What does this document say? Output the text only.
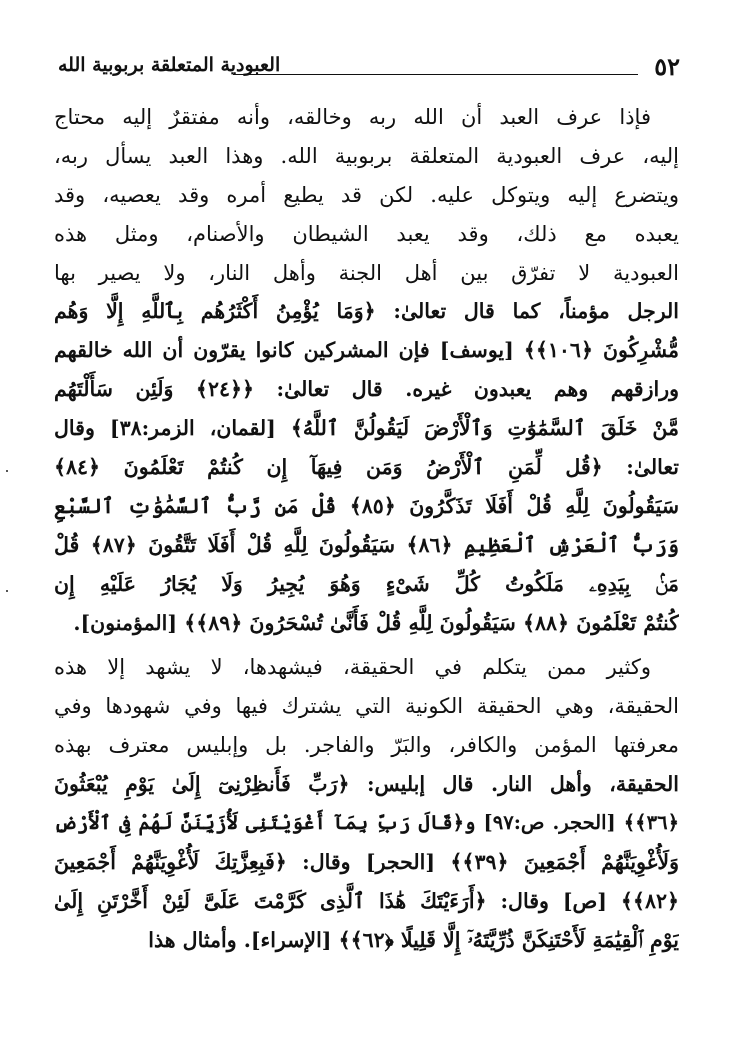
٥٢
العبودية المتعلقة بربوبية الله
فإذا عرف العبد أن الله ربه وخالقه، وأنه مفتقرٌ إليه محتاج
إليه، عرف العبودية المتعلقة بربوبية الله. وهذا العبد يسأل ربه،
ويتضرع إليه ويتوكل عليه. لكن قد يطيع أمره وقد يعصيه، وقد
يعبده مع ذلك، وقد يعبد الشيطان والأصنام، ومثل هذه
العبودية لا تفرّق بين أهل الجنة وأهل النار، ولا يصير بها
الرجل مؤمناً، كما قال تعالىٰ: ﴿وَمَا يُؤْمِنُ أَكْثَرُهُم بِٱللَّهِ إِلَّا وَهُم
مُّشْرِكُونَ ﴿١٠٦﴾﴾ [يوسف] فإن المشركين كانوا يقرّون أن الله خالقهم
ورازقهم وهم يعبدون غيره. قال تعالىٰ: ﴿﴿٢٤﴾ وَلَئِن سَأَلْتَهُم
مَّنْ خَلَقَ ٱلسَّمَٰوَٰتِ وَٱلْأَرْضَ لَيَقُولُنَّ ٱللَّهُ﴾ [لقمان، الزمر:٣٨] وقال
تعالىٰ: ﴿قُل لِّمَنِ ٱلْأَرْضُ وَمَن فِيهَآ إِن كُنتُمْ تَعْلَمُونَ ﴿٨٤﴾
سَيَقُولُونَ لِلَّهِ قُلْ أَفَلَا تَذَكَّرُونَ ﴿٨٥﴾ قُلْ مَن رَّبُّ ٱلسَّمَٰوَٰتِ ٱلسَّبْعِ
وَرَبُّ ٱلْعَرْشِ ٱلْعَظِيمِ ﴿٨٦﴾ سَيَقُولُونَ لِلَّهِ قُلْ أَفَلَا تَتَّقُونَ ﴿٨٧﴾ قُلْ
مَنۢ بِيَدِهِۦ مَلَكُوتُ كُلِّ شَىْءٍ وَهُوَ يُجِيرُ وَلَا يُجَارُ عَلَيْهِ إِن
كُنتُمْ تَعْلَمُونَ ﴿٨٨﴾ سَيَقُولُونَ لِلَّهِ قُلْ فَأَنَّىٰ تُسْحَرُونَ ﴿٨٩﴾﴾ [المؤمنون].
وكثير ممن يتكلم في الحقيقة، فيشهدها، لا يشهد إلا هذه
الحقيقة، وهي الحقيقة الكونية التي يشترك فيها وفي شهودها وفي
معرفتها المؤمن والكافر، والبَرّ والفاجر. بل وإبليس معترف بهذه
الحقيقة، وأهل النار. قال إبليس: ﴿رَبِّ فَأَنظِرْنِىٓ إِلَىٰ يَوْمِ يُبْعَثُونَ
﴿٣٦﴾﴾ [الحجر. ص:٩٧] و﴿قَالَ رَبِّ بِمَآ أَغْوَيْتَنِى لَأُزَيِّنَنَّ لَهُمْ فِى ٱلْأَرْضِ
وَلَأُغْوِيَنَّهُمْ أَجْمَعِينَ ﴿٣٩﴾﴾ [الحجر] وقال: ﴿فَبِعِزَّتِكَ لَأُغْوِيَنَّهُمْ أَجْمَعِينَ
﴿٨٢﴾﴾ [ص] وقال: ﴿أَرَءَيْتَكَ هَٰذَا ٱلَّذِى كَرَّمْتَ عَلَىَّ لَئِنْ أَخَّرْتَنِ إِلَىٰ
يَوْمِ ٱلْقِيَٰمَةِ لَأَحْتَنِكَنَّ ذُرِّيَّتَهُۥٓ إِلَّا قَلِيلًا ﴿٦٢﴾﴾ [الإسراء]. وأمثال هذا
